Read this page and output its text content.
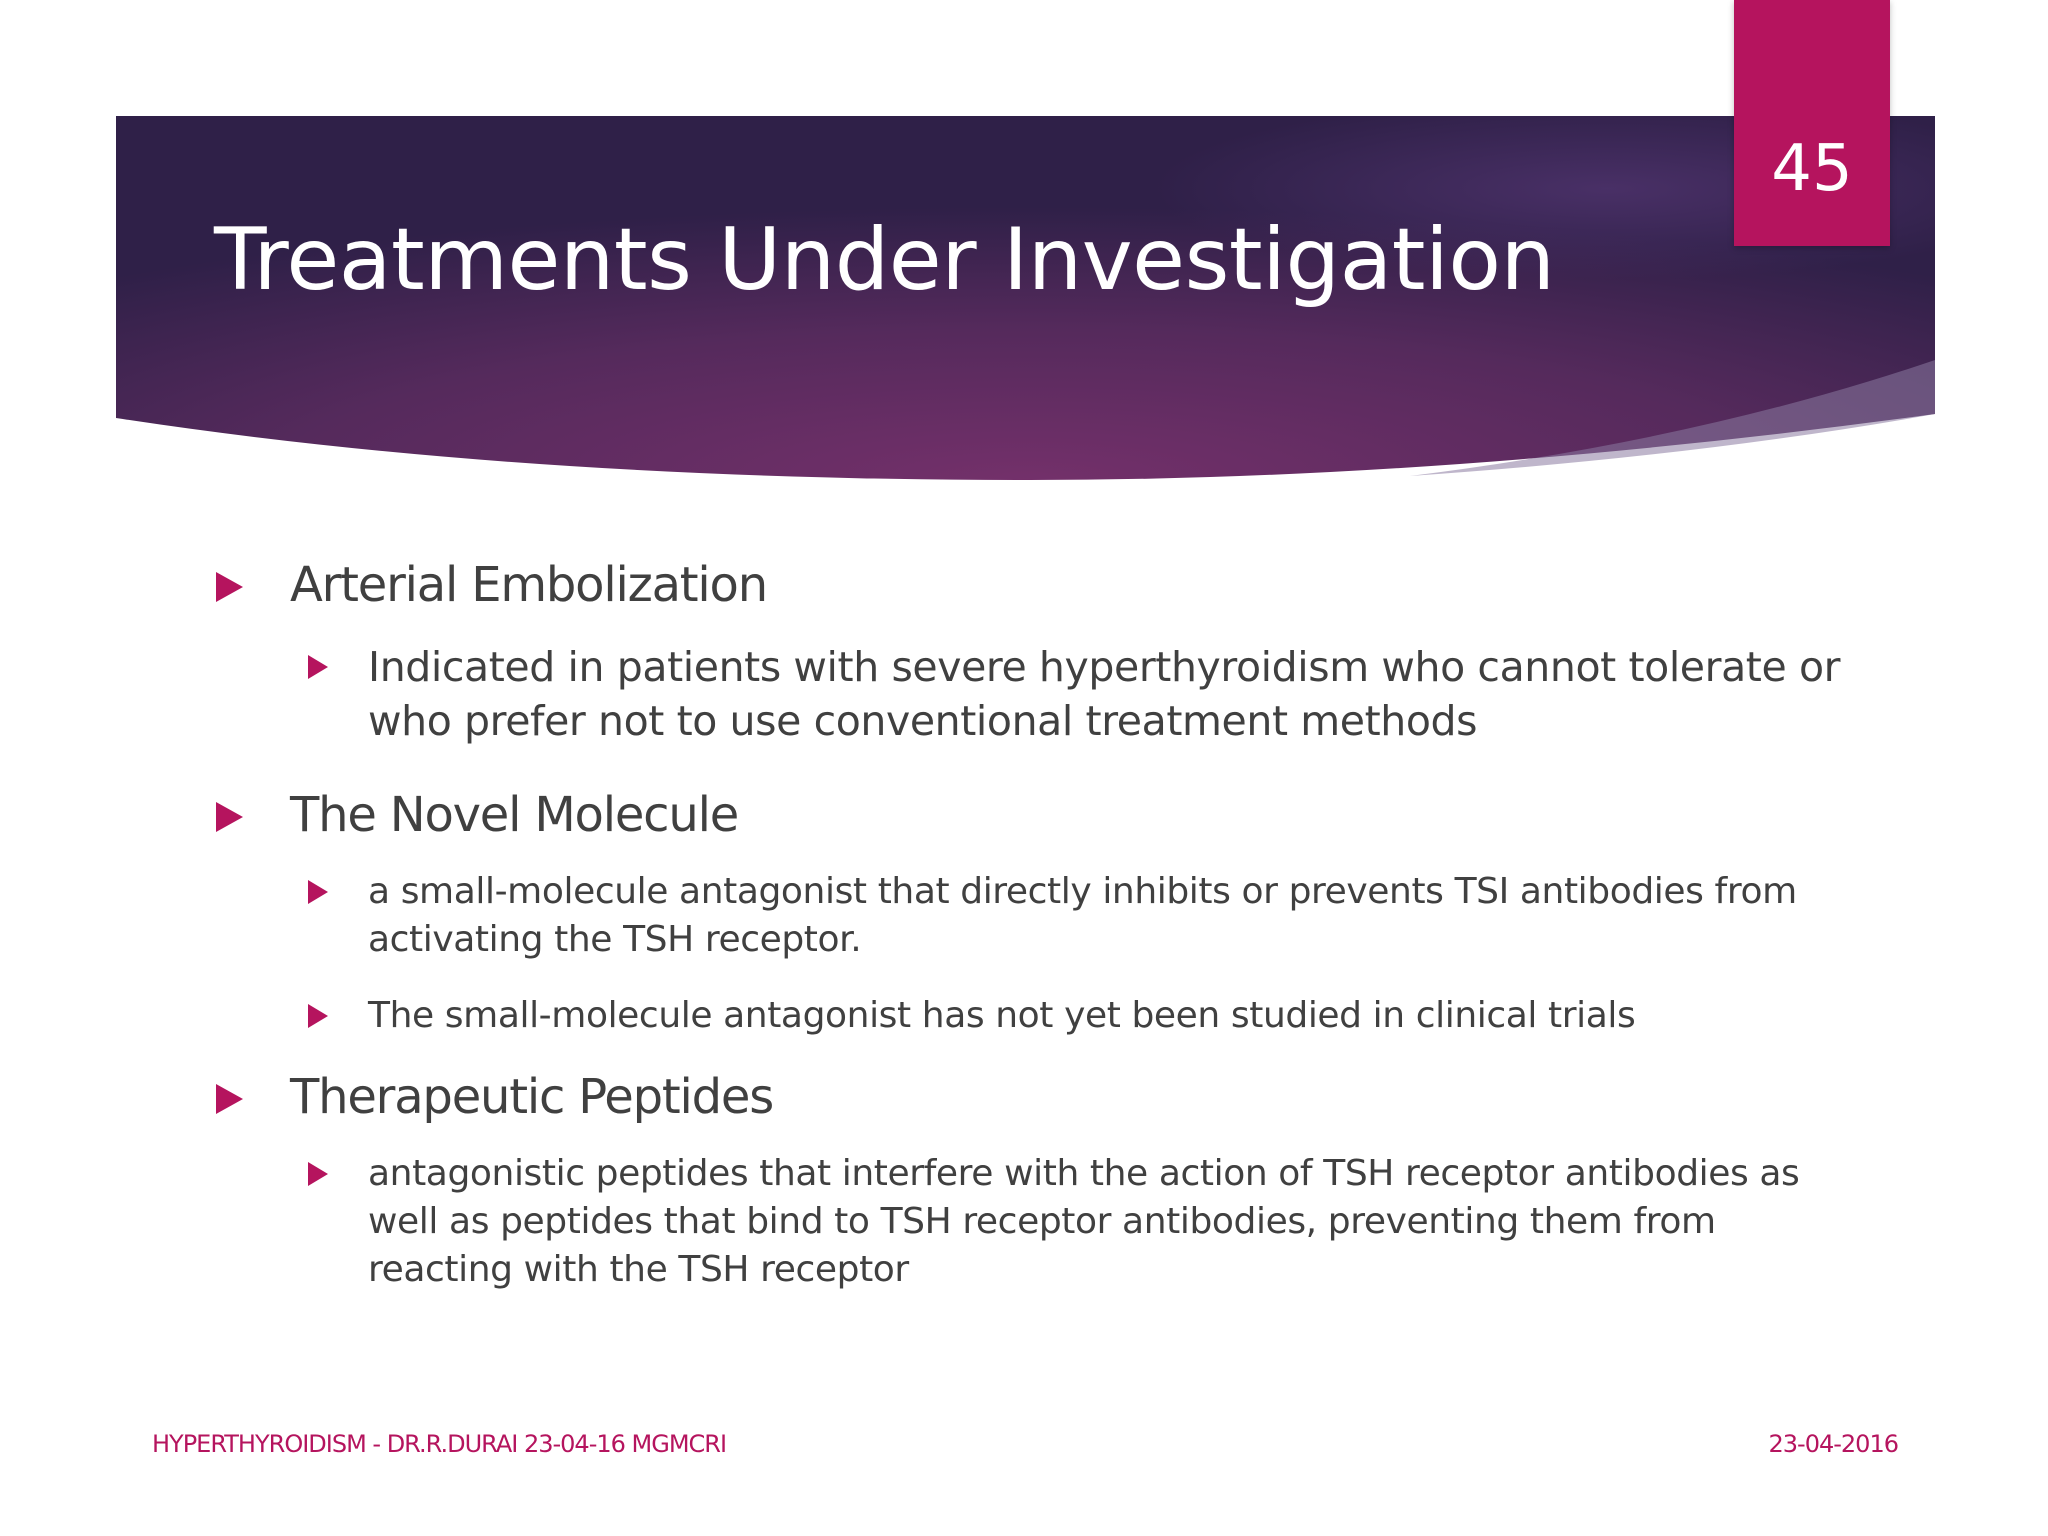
Treatments Under Investigation
45
Arterial Embolization
Indicated in patients with severe hyperthyroidism who cannot tolerate or who prefer not to use conventional treatment methods
The Novel Molecule
a small-molecule antagonist that directly inhibits or prevents TSI antibodies from activating the TSH receptor.
The small-molecule antagonist has not yet been studied in clinical trials
Therapeutic Peptides
antagonistic peptides that interfere with the action of TSH receptor antibodies as well as peptides that bind to TSH receptor antibodies, preventing them from reacting with the TSH receptor
HYPERTHYROIDISM - DR.R.DURAI 23-04-16 MGMCRI	23-04-2016
